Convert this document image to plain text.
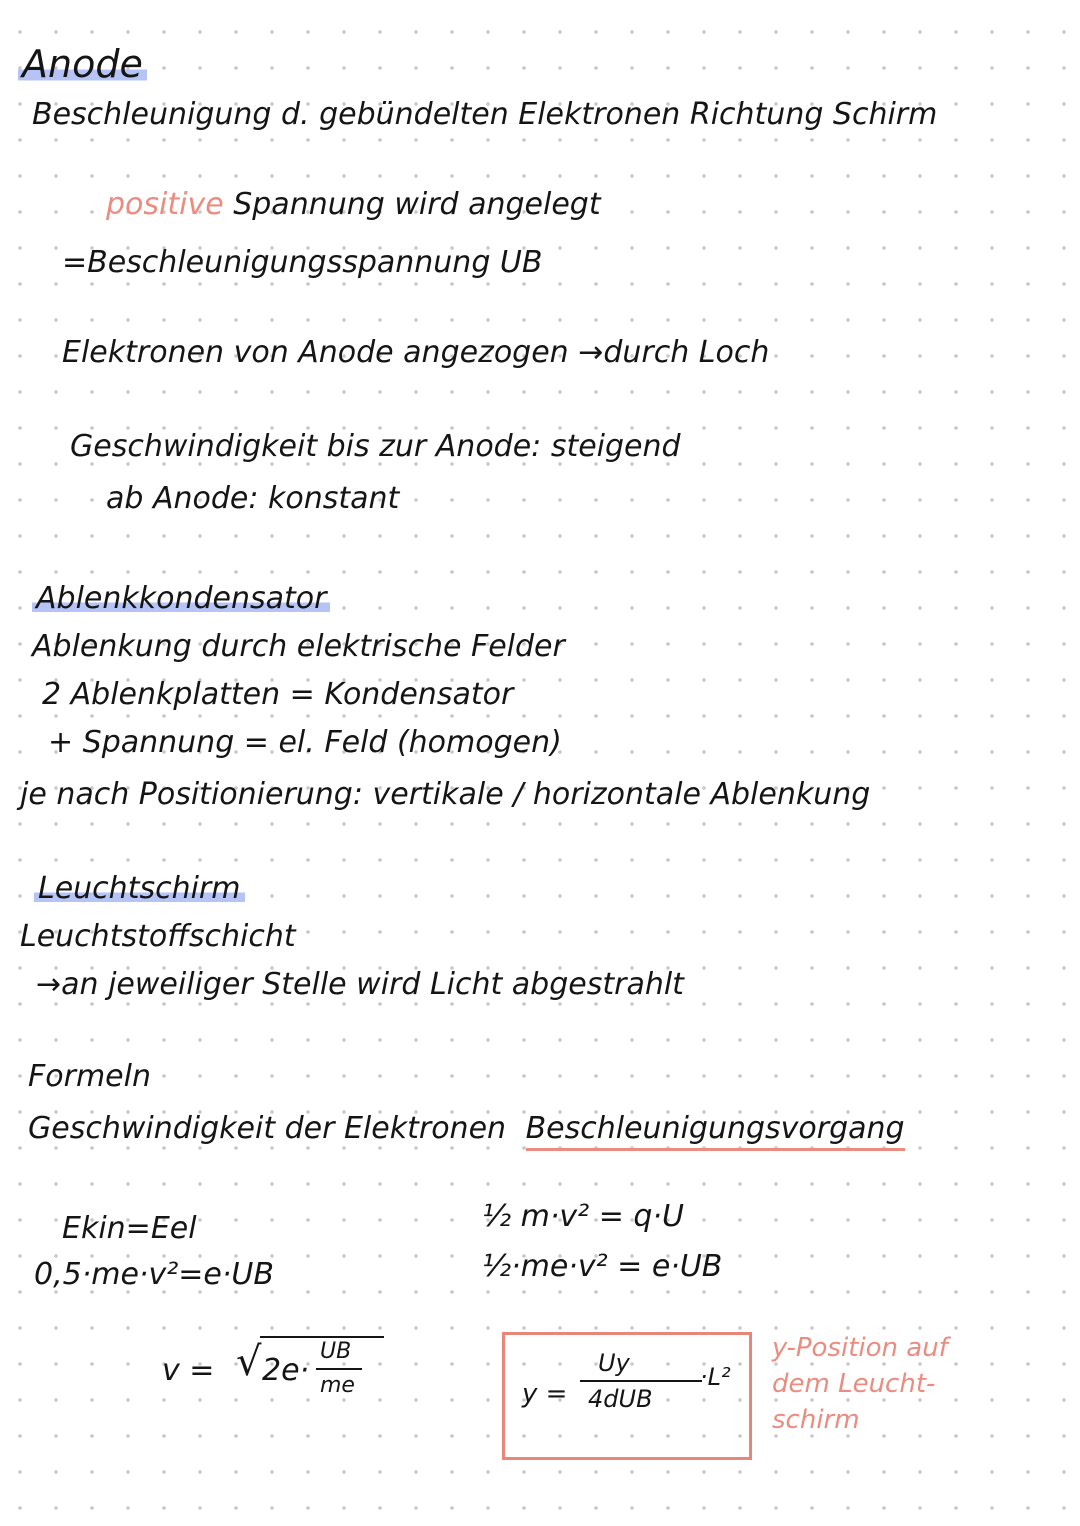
Anode
Beschleunigung d. gebündelten Elektronen Richtung Schirm
positive Spannung wird angelegt
=Beschleunigungsspannung UB
Elektronen von Anode angezogen →durch Loch
Geschwindigkeit bis zur Anode: steigend
ab Anode: konstant
Ablenkkondensator
Ablenkung durch elektrische Felder
2 Ablenkplatten = Kondensator
+ Spannung = el. Feld (homogen)
je nach Positionierung: vertikale / horizontale Ablenkung
Leuchtschirm
Leuchtstoffschicht
→an jeweiliger Stelle wird Licht abgestrahlt
Formeln
Geschwindigkeit der Elektronen Beschleunigungsvorgang
Ekin=Eel
0,5·me·v²=e·UB
½ m·v² = q·U
½·me·v² = e·UB
v = √ 2e·
UB
me	y =
Uy
4dUB
·L²
y-Position auf
dem Leucht-
schirm
